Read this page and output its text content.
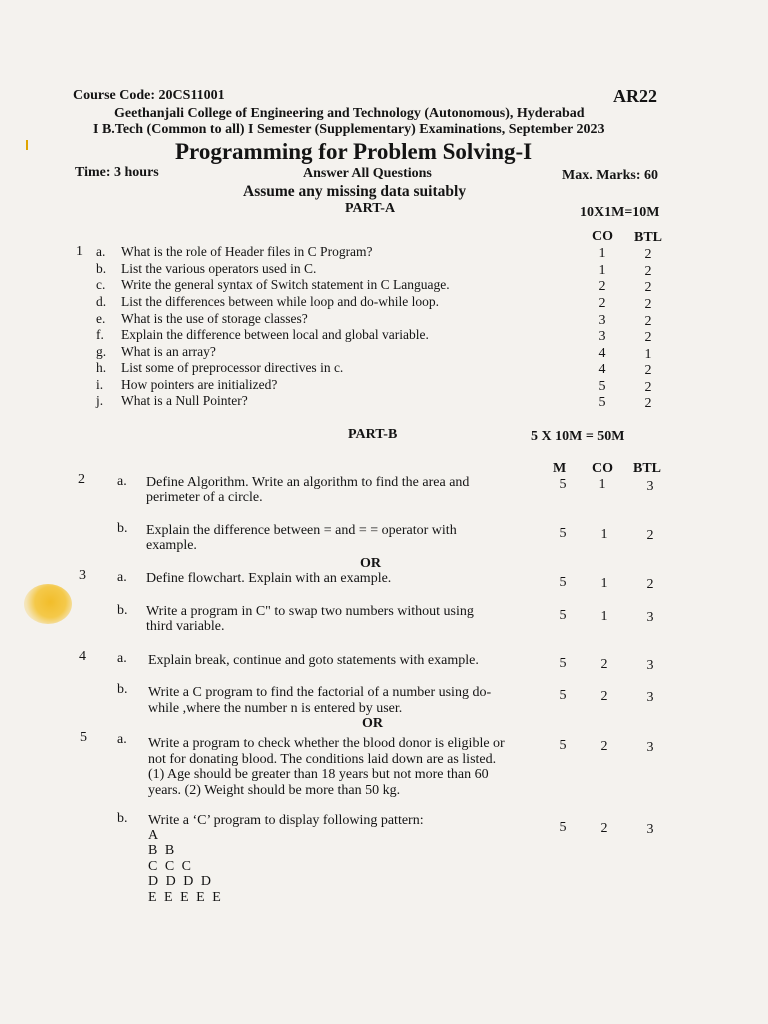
Course Code: 20CS11001	AR22
Geethanjali College of Engineering and Technology (Autonomous), Hyderabad
I B.Tech (Common to all) I Semester (Supplementary) Examinations, September 2023
Programming for Problem Solving-I
Time: 3 hours	Answer All Questions	Max. Marks: 60
Assume any missing data suitably
PART-A	10X1M=10M
CO BTL
1 a. What is the role of Header files in C Program?	1	2
b. List the various operators used in C.	1	2
c. Write the general syntax of Switch statement in C Language.	2	2
d. List the differences between while loop and do-while loop.	2	2
e. What is the use of storage classes?	3	2
f. Explain the difference between local and global variable.	3	2
g. What is an array?	4	1
h. List some of preprocessor directives in c.	4	2
i. How pointers are initialized?	5	2
j. What is a Null Pointer?	5	2
PART-B	5 X 10M = 50M
M CO BTL
2 a. Define Algorithm. Write an algorithm to find the area and
perimeter of a circle.
5	1	3
b. Explain the difference between = and = = operator with
example.
5	1	2
OR
3 a. Define flowchart. Explain with an example.	5	1	2
b. Write a program in C" to swap two numbers without using
third variable.
5	1	3
4 a. Explain break, continue and goto statements with example.	5	2	3
b. Write a C program to find the factorial of a number using do-
while ,where the number n is entered by user.
5	2	3
OR
5 a. Write a program to check whether the blood donor is eligible or
not for donating blood. The conditions laid down are as listed.
(1) Age should be greater than 18 years but not more than 60
years. (2) Weight should be more than 50 kg.
5	2	3
b. Write a ‘C’ program to display following pattern:	5	2	3
A
B B
C C C
D D D D
E E E E E
